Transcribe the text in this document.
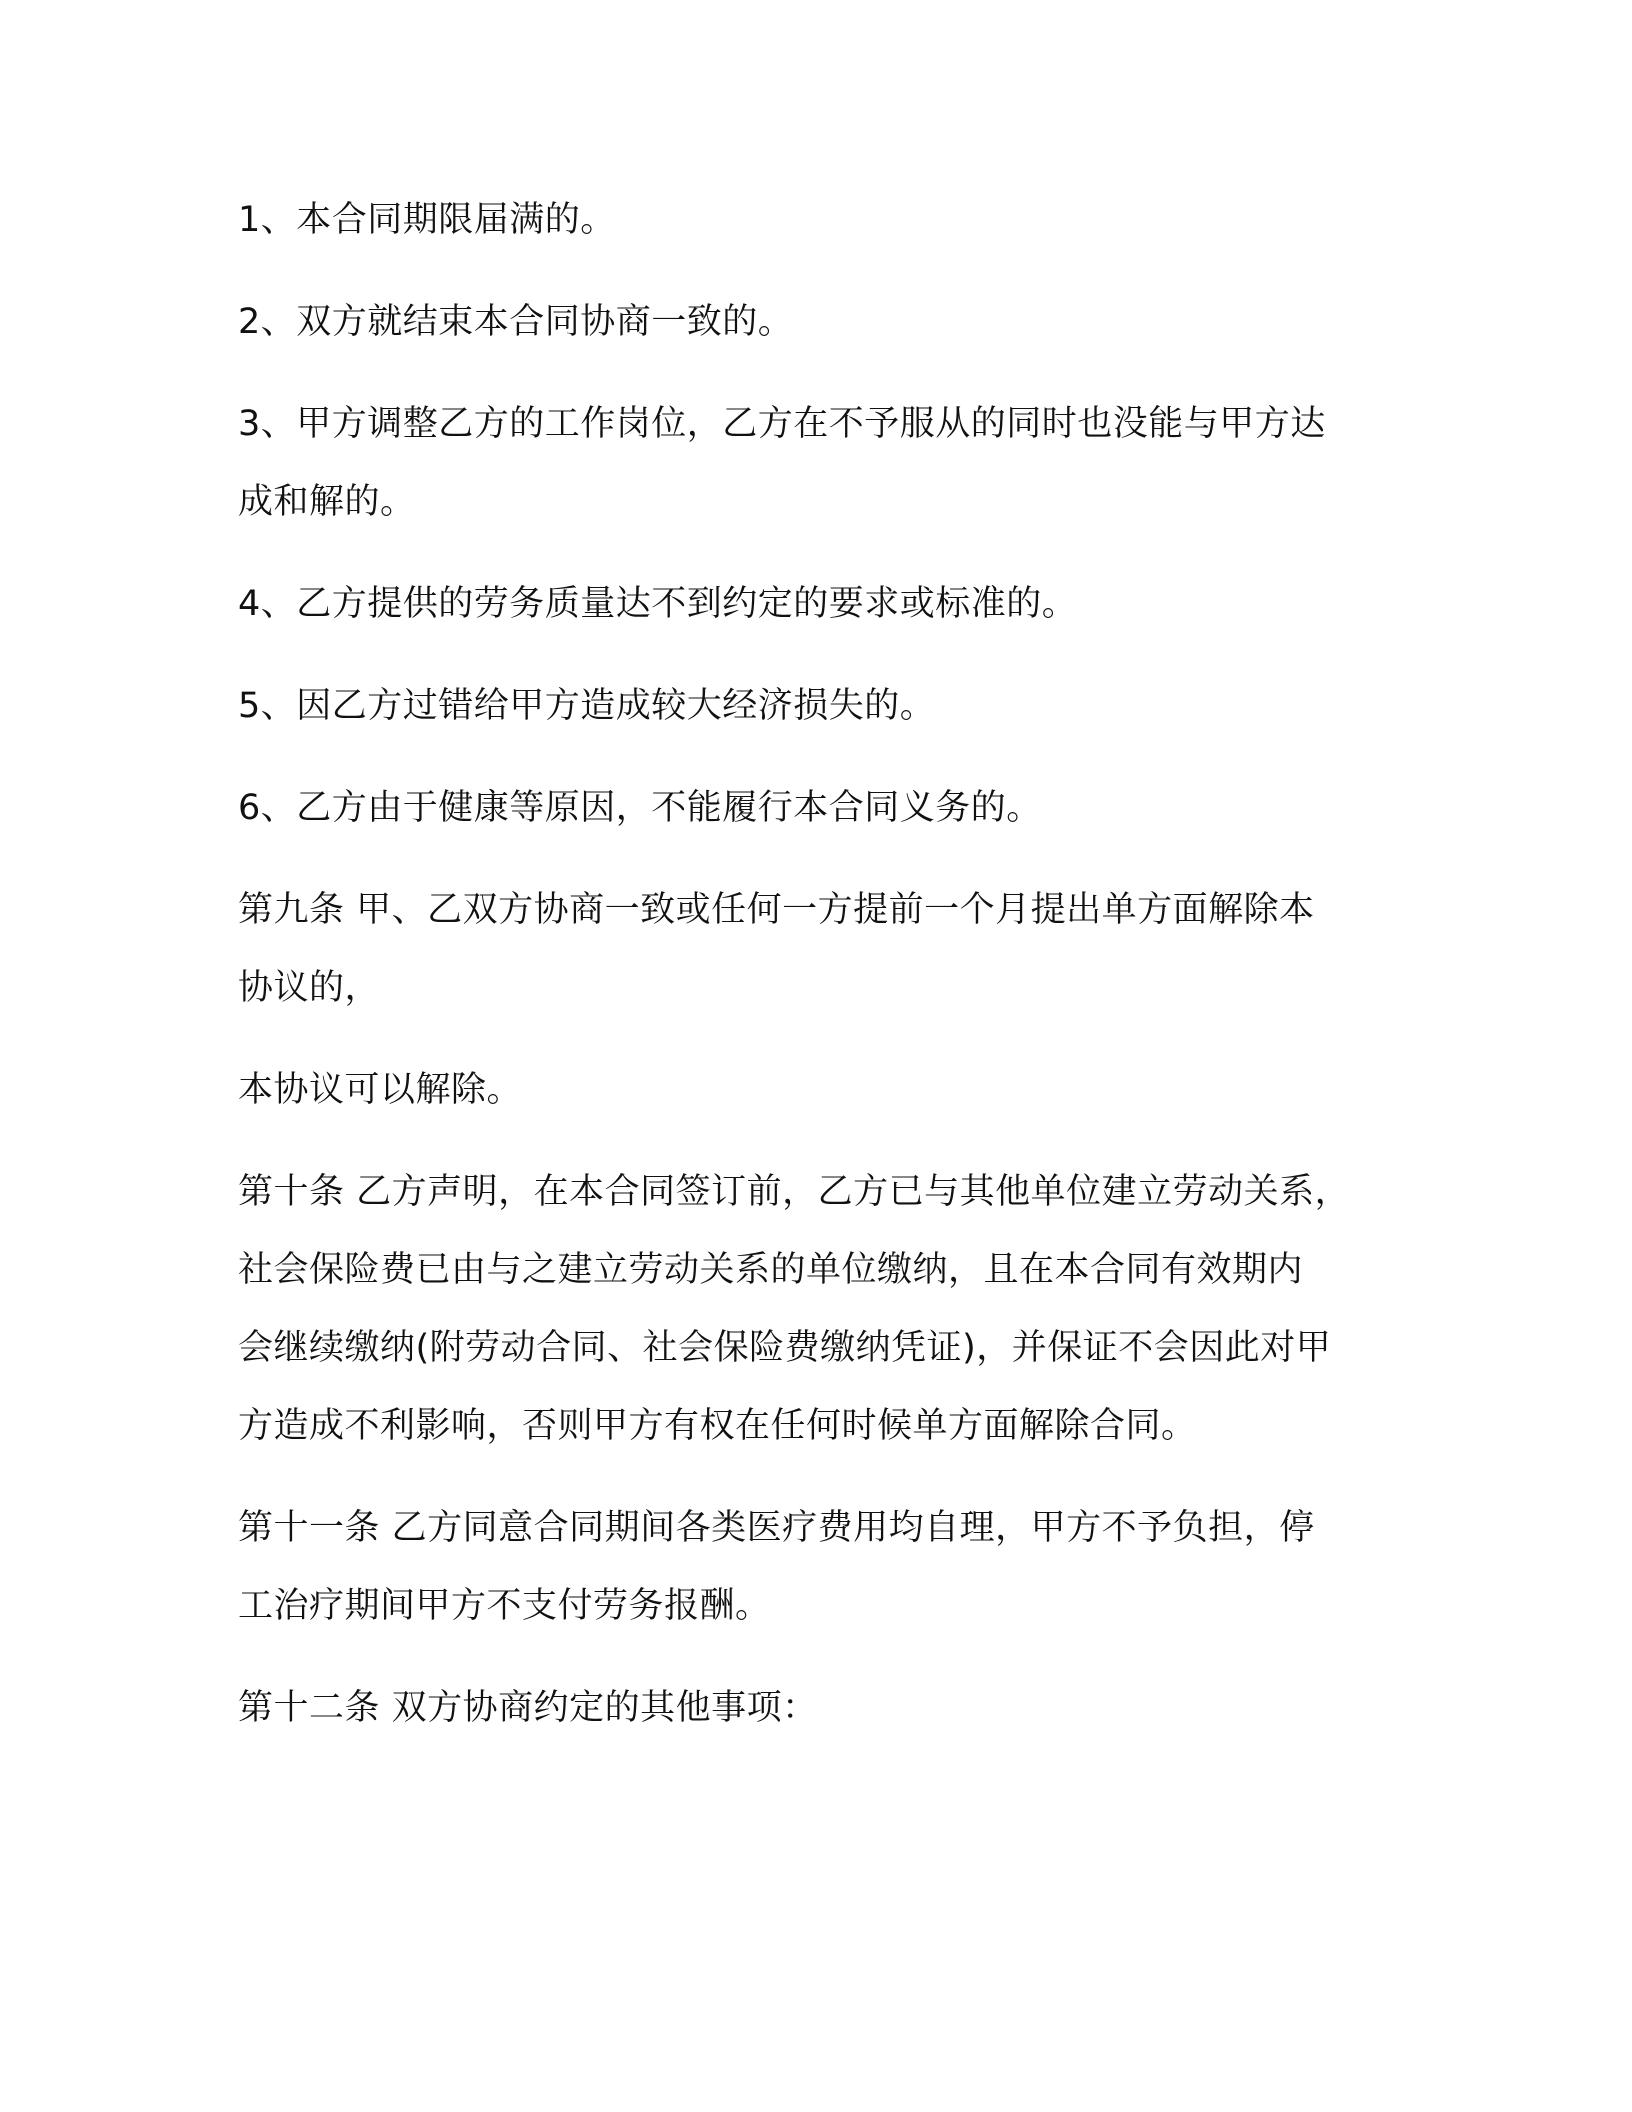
1、本合同期限届满的。
2、双方就结束本合同协商一致的。
3、甲方调整乙方的工作岗位，乙方在不予服从的同时也没能与甲方达
成和解的。
4、乙方提供的劳务质量达不到约定的要求或标准的。
5、因乙方过错给甲方造成较大经济损失的。
6、乙方由于健康等原因，不能履行本合同义务的。
第九条 甲、乙双方协商一致或任何一方提前一个月提出单方面解除本
协议的，
本协议可以解除。
第十条 乙方声明，在本合同签订前，乙方已与其他单位建立劳动关系，
社会保险费已由与之建立劳动关系的单位缴纳，且在本合同有效期内
会继续缴纳(附劳动合同、社会保险费缴纳凭证)，并保证不会因此对甲
方造成不利影响，否则甲方有权在任何时候单方面解除合同。
第十一条 乙方同意合同期间各类医疗费用均自理，甲方不予负担，停
工治疗期间甲方不支付劳务报酬。
第十二条 双方协商约定的其他事项：
